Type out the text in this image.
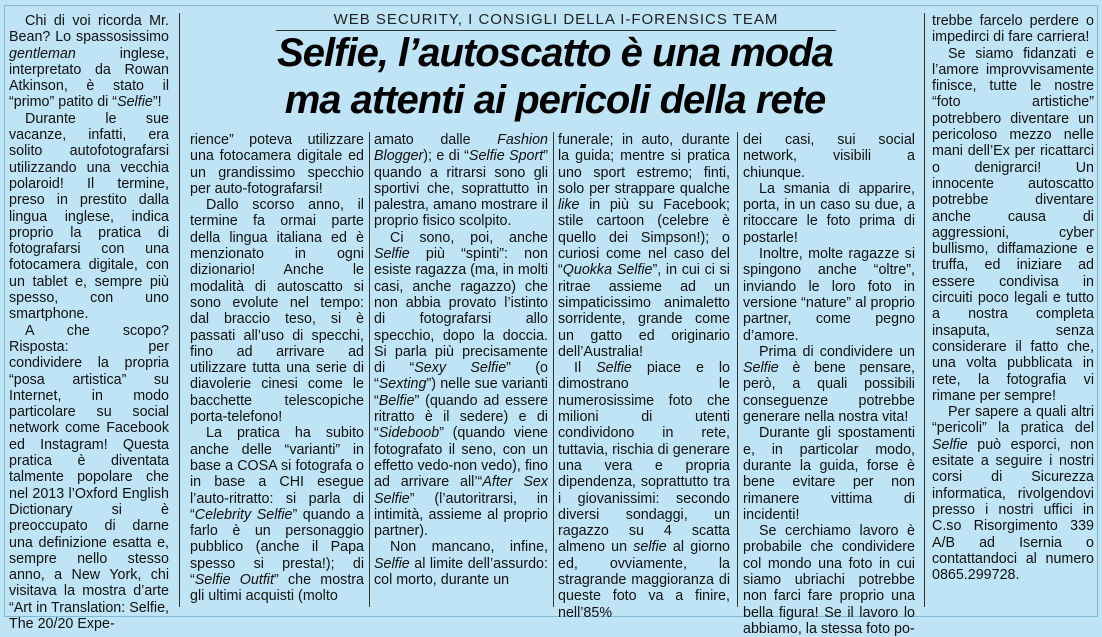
WEB SECURITY, I CONSIGLI DELLA I-FORENSICS TEAM
Selfie, l’autoscatto è una moda
ma attenti ai pericoli della rete

Chi di voi ricorda Mr. Bean? Lo spassosissimo gentleman inglese, interpretato da Rowan Atkinson, è stato il “primo” patito di “Selfie”!

Durante le sue vacanze, infatti, era solito autofotografarsi utilizzando una vecchia polaroid! Il termine, preso in prestito dalla lingua inglese, indica proprio la pratica di fotografarsi con una fotocamera digitale, con un tablet e, sempre più spesso, con uno smartphone.

A che scopo? Risposta: per condividere la propria “posa artistica” su Internet, in modo particolare su social network come Facebook ed Instagram! Questa pratica è diventata talmente popolare che nel 2013 l’Oxford English Dictionary si è preoccupato di darne una definizione esatta e, sempre nello stesso anno, a New York, chi visitava la mostra d’arte “Art in Translation: Selfie, The 20/20 Expe-

rience” poteva utilizzare una fotocamera digitale ed un grandissimo specchio per auto-fotografarsi!

Dallo scorso anno, il termine fa ormai parte della lingua italiana ed è menzionato in ogni dizionario! Anche le modalità di autoscatto si sono evolute nel tempo: dal braccio teso, si è passati all’uso di specchi, fino ad arrivare ad utilizzare tutta una serie di diavolerie cinesi come le bacchette telescopiche porta-telefono!

La pratica ha subito anche delle “varianti” in base a COSA si fotografa o in base a CHI esegue l’auto-ritratto: si parla di “Celebrity Selfie” quando a farlo è un personaggio pubblico (anche il Papa spesso si presta!); di “Selfie Outfit” che mostra gli ultimi acquisti (molto

amato dalle Fashion Blogger); e di “Selfie Sport” quando a ritrarsi sono gli sportivi che, soprattutto in palestra, amano mostrare il proprio fisico scolpito.

Ci sono, poi, anche Selfie più “spinti”: non esiste ragazza (ma, in molti casi, anche ragazzo) che non abbia provato l’istinto di fotografarsi allo specchio, dopo la doccia. Si parla più precisamente di “Sexy Selfie” (o “Sexting”) nelle sue varianti “Belfie” (quando ad essere ritratto è il sedere) e di “Sideboob” (quando viene fotografato il seno, con un effetto vedo-non vedo), fino ad arrivare all’“After Sex Selfie” (l’autoritrarsi, in intimità, assieme al proprio partner).

Non mancano, infine, Selfie al limite dell’assurdo: col morto, durante un

funerale; in auto, durante la guida; mentre si pratica uno sport estremo; finti, solo per strappare qualche like in più su Facebook; stile cartoon (celebre è quello dei Simpson!); o curiosi come nel caso del “Quokka Selfie”, in cui ci si ritrae assieme ad un simpaticissimo animaletto sorridente, grande come un gatto ed originario dell’Australia!

Il Selfie piace e lo dimostrano le numerosissime foto che milioni di utenti condividono in rete, tuttavia, rischia di generare una vera e propria dipendenza, soprattutto tra i giovanissimi: secondo diversi sondaggi, un ragazzo su 4 scatta almeno un selfie al giorno ed, ovviamente, la stragrande maggioranza di queste foto va a finire, nell’85%

dei casi, sui social network, visibili a chiunque.

La smania di apparire, porta, in un caso su due, a ritoccare le foto prima di postarle!

Inoltre, molte ragazze si spingono anche “oltre”, inviando le loro foto in versione “nature” al proprio partner, come pegno d’amore.

Prima di condividere un Selfie è bene pensare, però, a quali possibili conseguenze potrebbe generare nella nostra vita!

Durante gli spostamenti e, in particolar modo, durante la guida, forse è bene evitare per non rimanere vittima di incidenti!

Se cerchiamo lavoro è probabile che condividere col mondo una foto in cui siamo ubriachi potrebbe non farci fare proprio una bella figura! Se il lavoro lo abbiamo, la stessa foto po-

trebbe farcelo perdere o impedirci di fare carriera!

Se siamo fidanzati e l’amore improvvisamente finisce, tutte le nostre “foto artistiche” potrebbero diventare un pericoloso mezzo nelle mani dell’Ex per ricattarci o denigrarci! Un innocente autoscatto potrebbe diventare anche causa di aggressioni, cyber bullismo, diffamazione e truffa, ed iniziare ad essere condivisa in circuiti poco legali e tutto a nostra completa insaputa, senza considerare il fatto che, una volta pubblicata in rete, la fotografia vi rimane per sempre!

Per sapere a quali altri “pericoli” la pratica del Selfie può esporci, non esitate a seguire i nostri corsi di Sicurezza informatica, rivolgendovi presso i nostri uffici in C.so Risorgimento 339 A/B ad Isernia o contattandoci al numero 0865.299728.
